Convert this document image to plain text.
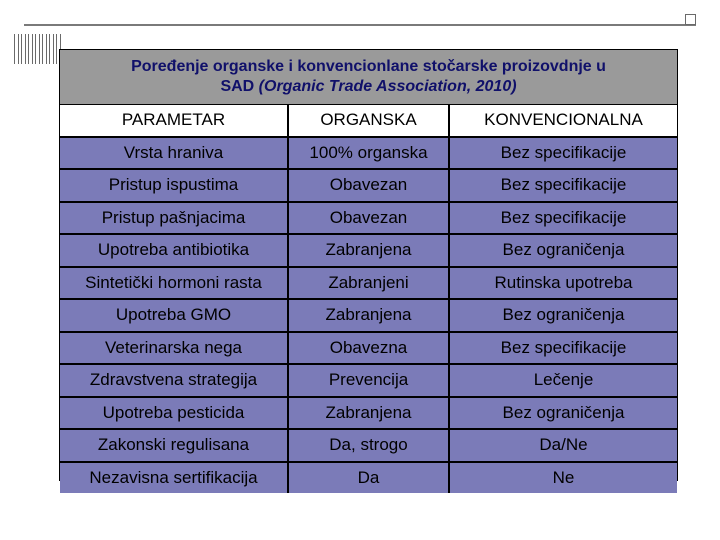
Poređenje organske i konvencionlane stočarske proizovdnje u
SAD (Organic Trade Association, 2010)
PARAMETAR	ORGANSKA	KONVENCIONALNA
Vrsta hraniva	100% organska	Bez specifikacije
Pristup ispustima	Obavezan	Bez specifikacije
Pristup pašnjacima	Obavezan	Bez specifikacije
Upotreba antibiotika	Zabranjena	Bez ograničenja
Sintetički hormoni rasta	Zabranjeni	Rutinska upotreba
Upotreba GMO	Zabranjena	Bez ograničenja
Veterinarska nega	Obavezna	Bez specifikacije
Zdravstvena strategija	Prevencija	Lečenje
Upotreba pesticida	Zabranjena	Bez ograničenja
Zakonski regulisana	Da, strogo	Da/Ne
Nezavisna sertifikacija	Da	Ne
